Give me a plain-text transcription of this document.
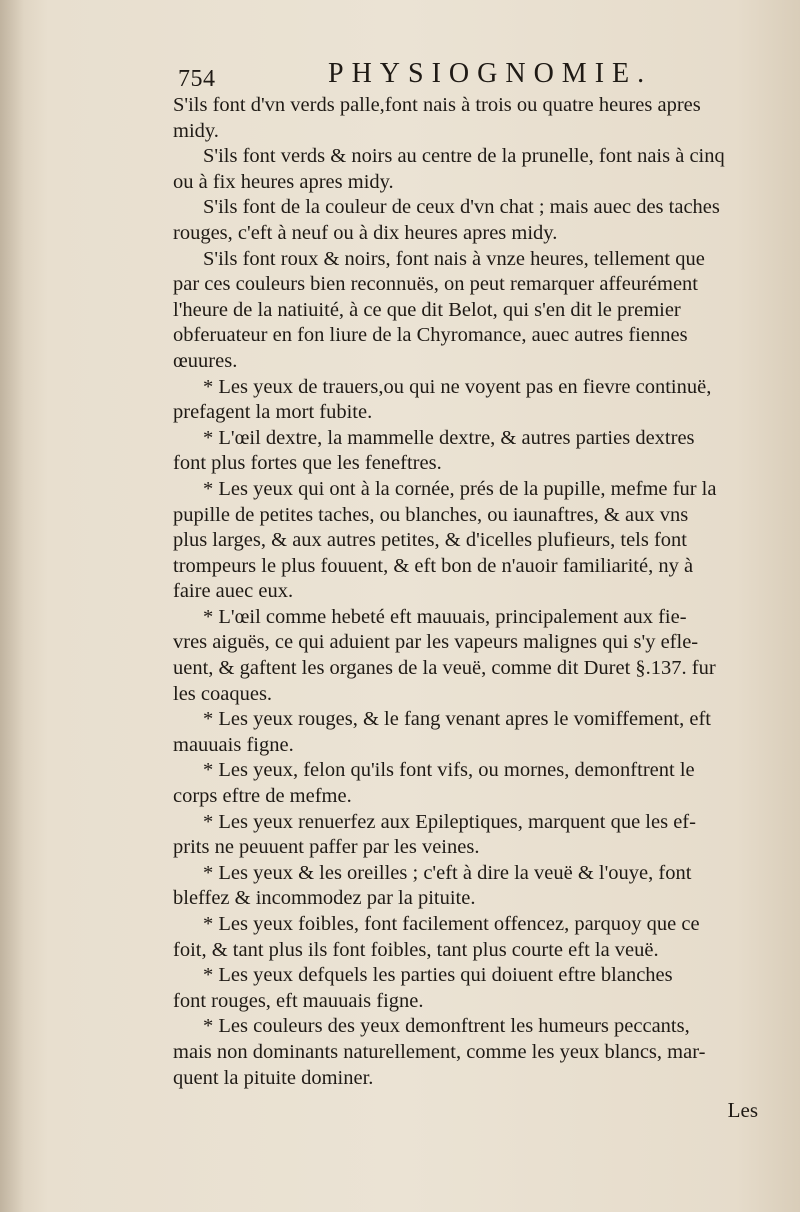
754	PHYSIOGNOMIE.
S'ils font d'vn verds palle,font nais à trois ou quatre heures apres
midy.
S'ils font verds & noirs au centre de la prunelle, font nais à cinq
ou à fix heures apres midy.
S'ils font de la couleur de ceux d'vn chat ; mais auec des taches
rouges, c'eft à neuf ou à dix heures apres midy.
S'ils font roux & noirs, font nais à vnze heures, tellement que
par ces couleurs bien reconnuës, on peut remarquer affeurément
l'heure de la natiuité, à ce que dit Belot, qui s'en dit le premier
obferuateur en fon liure de la Chyromance, auec autres fiennes
œuures.
* Les yeux de trauers,ou qui ne voyent pas en fievre continuë,
prefagent la mort fubite.
* L'œil dextre, la mammelle dextre, & autres parties dextres
font plus fortes que les feneftres.
* Les yeux qui ont à la cornée, prés de la pupille, mefme fur la
pupille de petites taches, ou blanches, ou iaunaftres, & aux vns
plus larges, & aux autres petites, & d'icelles plufieurs, tels font
trompeurs le plus fouuent, & eft bon de n'auoir familiarité, ny à
faire auec eux.
* L'œil comme hebeté eft mauuais, principalement aux fie-
vres aiguës, ce qui aduient par les vapeurs malignes qui s'y efle-
uent, & gaftent les organes de la veuë, comme dit Duret §.137. fur
les coaques.
* Les yeux rouges, & le fang venant apres le vomiffement, eft
mauuais figne.
* Les yeux, felon qu'ils font vifs, ou mornes, demonftrent le
corps eftre de mefme.
* Les yeux renuerfez aux Epileptiques, marquent que les ef-
prits ne peuuent paffer par les veines.
* Les yeux & les oreilles ; c'eft à dire la veuë & l'ouye, font
bleffez & incommodez par la pituite.
* Les yeux foibles, font facilement offencez, parquoy que ce
foit, & tant plus ils font foibles, tant plus courte eft la veuë.
* Les yeux defquels les parties qui doiuent eftre blanches
font rouges, eft mauuais figne.
* Les couleurs des yeux demonftrent les humeurs peccants,
mais non dominants naturellement, comme les yeux blancs, mar-
quent la pituite dominer.
Les
